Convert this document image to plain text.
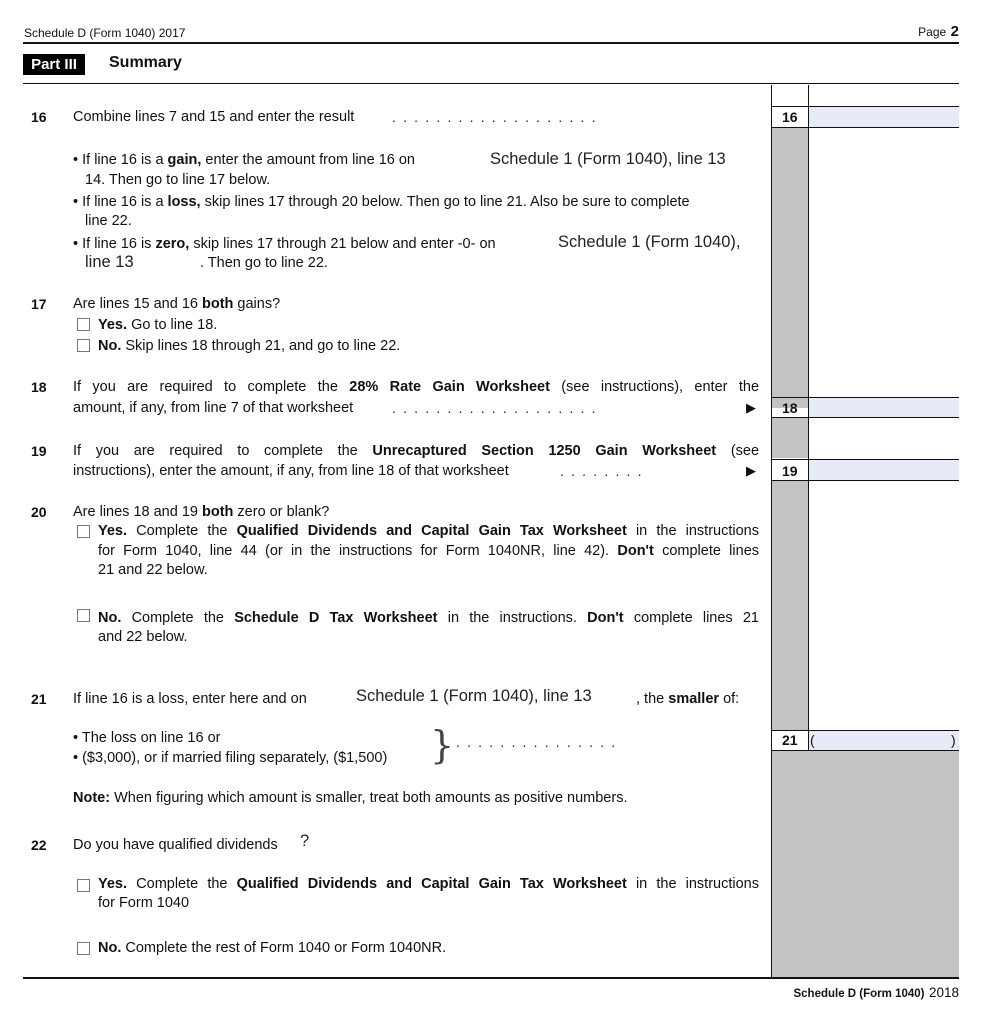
Schedule D (Form 1040) 2017	Page 2
Part III	Summary
16
18
19
21
16 Combine lines 7 and 15 and enter the result	...................
• If line 16 is a gain, enter the amount from line 16 on	Schedule 1 (Form 1040), line 13
14. Then go to line 17 below.
• If line 16 is a loss, skip lines 17 through 20 below. Then go to line 21. Also be sure to complete
line 22.
• If line 16 is zero, skip lines 17 through 21 below and enter -0- on	Schedule 1 (Form 1040),
line 13	. Then go to line 22.
17 Are lines 15 and 16 both gains?
Yes. Go to line 18.
No. Skip lines 18 through 21, and go to line 22.
18 If you are required to complete the 28% Rate Gain Worksheet (see instructions), enter the
amount, if any, from line 7 of that worksheet	...................	▶
19 If you are required to complete the Unrecaptured Section 1250 Gain Worksheet (see
instructions), enter the amount, if any, from line 18 of that worksheet	........	▶
20 Are lines 18 and 19 both zero or blank?
Yes. Complete the Qualified Dividends and Capital Gain Tax Worksheet in the instructions
for Form 1040, line 44 (or in the instructions for Form 1040NR, line 42). Don't complete lines
21 and 22 below.
No. Complete the Schedule D Tax Worksheet in the instructions. Don't complete lines 21
and 22 below.
21 If line 16 is a loss, enter here and on	Schedule 1 (Form 1040), line 13	, the smaller of:
• The loss on line 16 or
• ($3,000), or if married filing separately, ($1,500) } ...............	(	)
Note: When figuring which amount is smaller, treat both amounts as positive numbers.
22 Do you have qualified dividends ?
Yes. Complete the Qualified Dividends and Capital Gain Tax Worksheet in the instructions
for Form 1040
No. Complete the rest of Form 1040 or Form 1040NR.
Schedule D (Form 1040) 2018
